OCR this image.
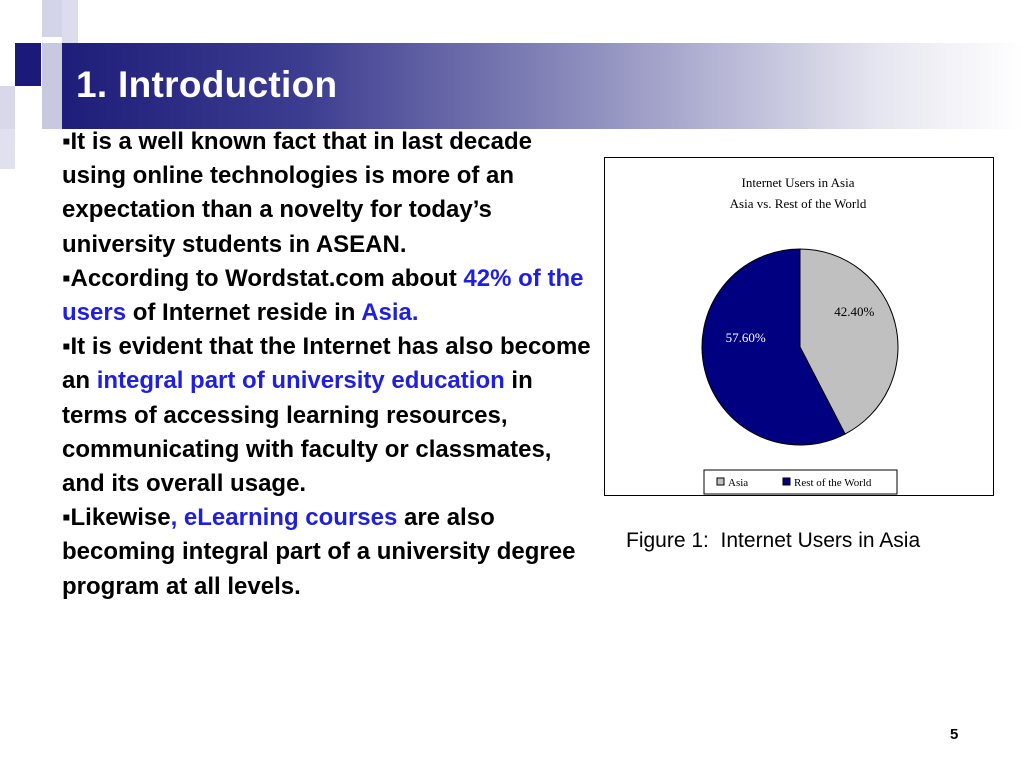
1. Introduction

▪It is a well known fact that in last decade using online technologies is more of an expectation than a novelty for today’s university students in ASEAN.

▪According to Wordstat.com about 42% of the users of Internet reside in Asia.

▪It is evident that the Internet has also become an integral part of university education in terms of accessing learning resources, communicating with faculty or classmates, and its overall usage.

▪Likewise, eLearning courses are also becoming integral part of a university degree program at all levels.

Internet Users in Asia
Asia vs. Rest of the World
42.40%
57.60%
Asia	Rest of the World
Figure 1:  Internet Users in Asia
5
